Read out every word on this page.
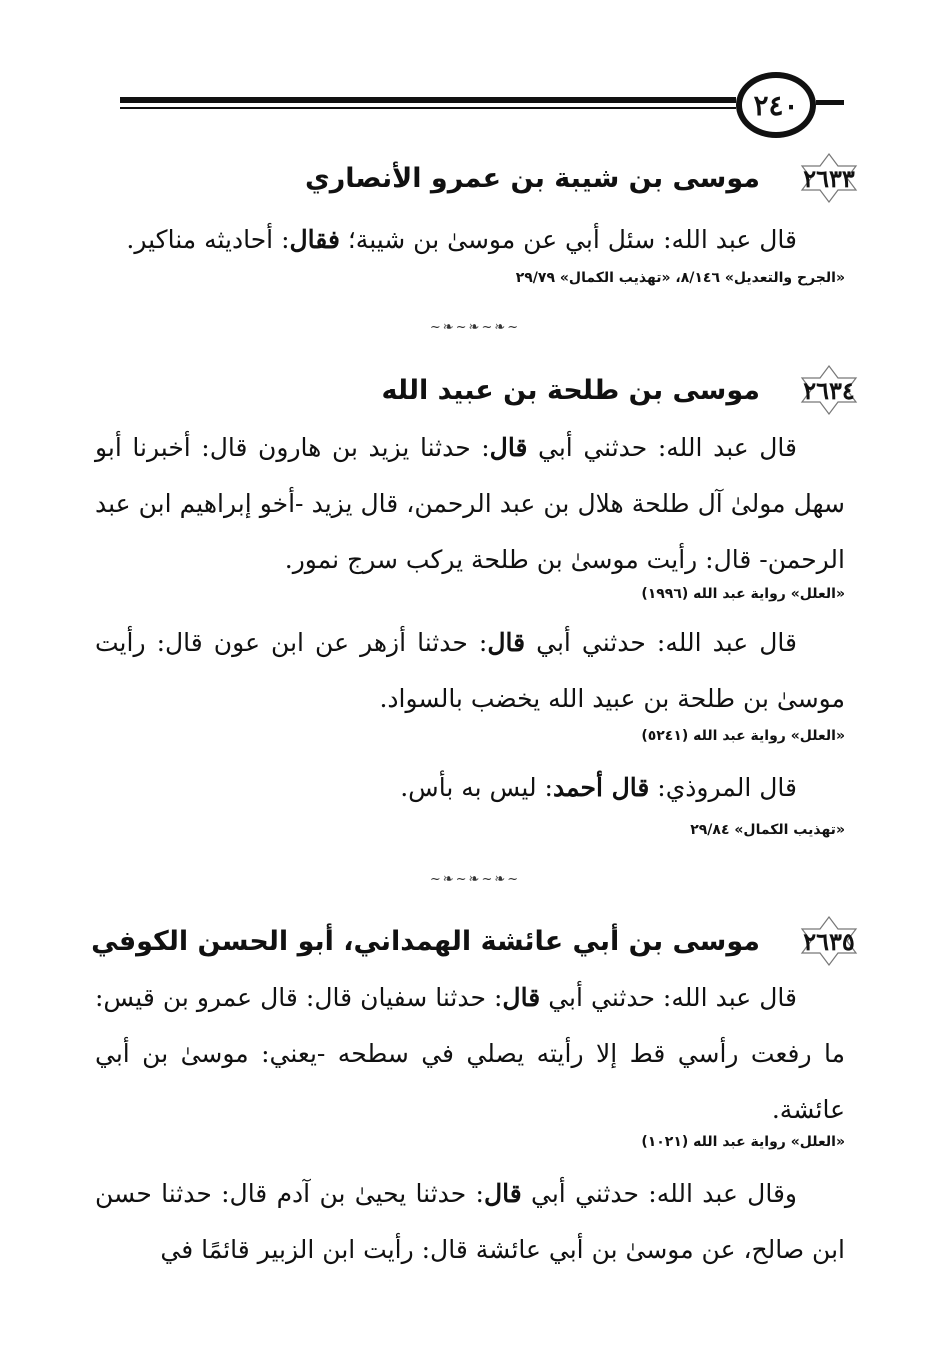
٢٤٠
٢٦٣٣
موسى بن شيبة بن عمرو الأنصاري
قال عبد الله: سئل أبي عن موسىٰ بن شيبة؛ فقال: أحاديثه مناكير.
«الجرح والتعديل» ٨/١٤٦، «تهذيب الكمال» ٢٩/٧٩
~❧~❧~❧~
٢٦٣٤
موسى بن طلحة بن عبيد الله
قال عبد الله: حدثني أبي قال: حدثنا يزيد بن هارون قال: أخبرنا أبو سهل مولىٰ آل طلحة هلال بن عبد الرحمن، قال يزيد -أخو إبراهيم ابن عبد الرحمن- قال: رأيت موسىٰ بن طلحة يركب سرج نمور.
«العلل» رواية عبد الله (١٩٩٦)
قال عبد الله: حدثني أبي قال: حدثنا أزهر عن ابن عون قال: رأيت موسىٰ بن طلحة بن عبيد الله يخضب بالسواد.
«العلل» رواية عبد الله (٥٢٤١)
قال المروذي: قال أحمد: ليس به بأس.
«تهذيب الكمال» ٢٩/٨٤
~❧~❧~❧~
٢٦٣٥
موسى بن أبي عائشة الهمداني، أبو الحسن الكوفي
قال عبد الله: حدثني أبي قال: حدثنا سفيان قال: قال عمرو بن قيس: ما رفعت رأسي قط إلا رأيته يصلي في سطحه -يعني: موسىٰ بن أبي عائشة.
«العلل» رواية عبد الله (١٠٢١)
وقال عبد الله: حدثني أبي قال: حدثنا يحيىٰ بن آدم قال: حدثنا حسن ابن صالح، عن موسىٰ بن أبي عائشة قال: رأيت ابن الزبير قائمًا في
